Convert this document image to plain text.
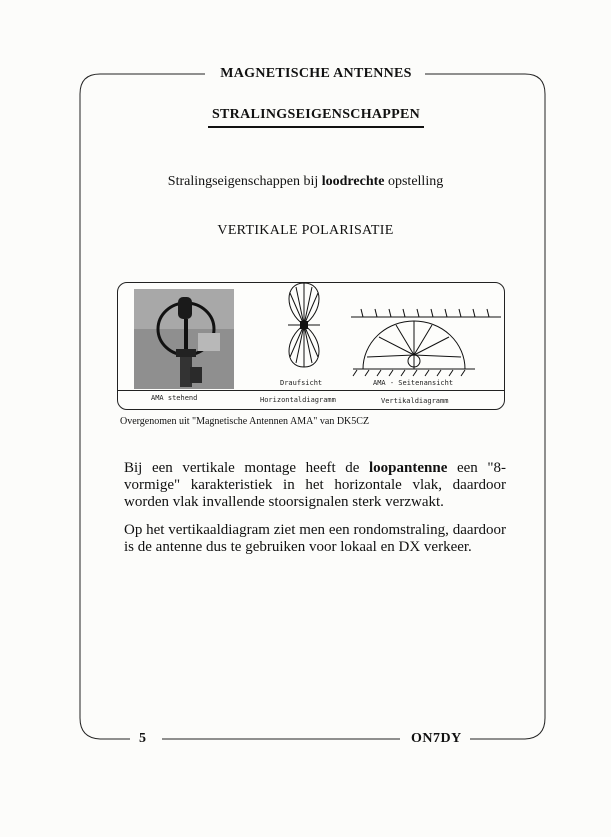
MAGNETISCHE ANTENNES
STRALINGSEIGENSCHAPPEN
Stralingseigenschappen bij loodrechte opstelling
VERTIKALE POLARISATIE
Draufsicht	AMA - Seitenansicht
AMA stehend	Horizontaldiagramm	Vertikaldiagramm
Overgenomen uit "Magnetische Antennen AMA" van DK5CZ
Bij een vertikale montage heeft de loopantenne een "8-vormige" karakteristiek in het horizontale vlak, daardoor worden vlak invallende stoorsignalen sterk verzwakt.
Op het vertikaaldiagram ziet men een rondomstraling, daardoor is de antenne dus te gebruiken voor lokaal en DX verkeer.
5	ON7DY
